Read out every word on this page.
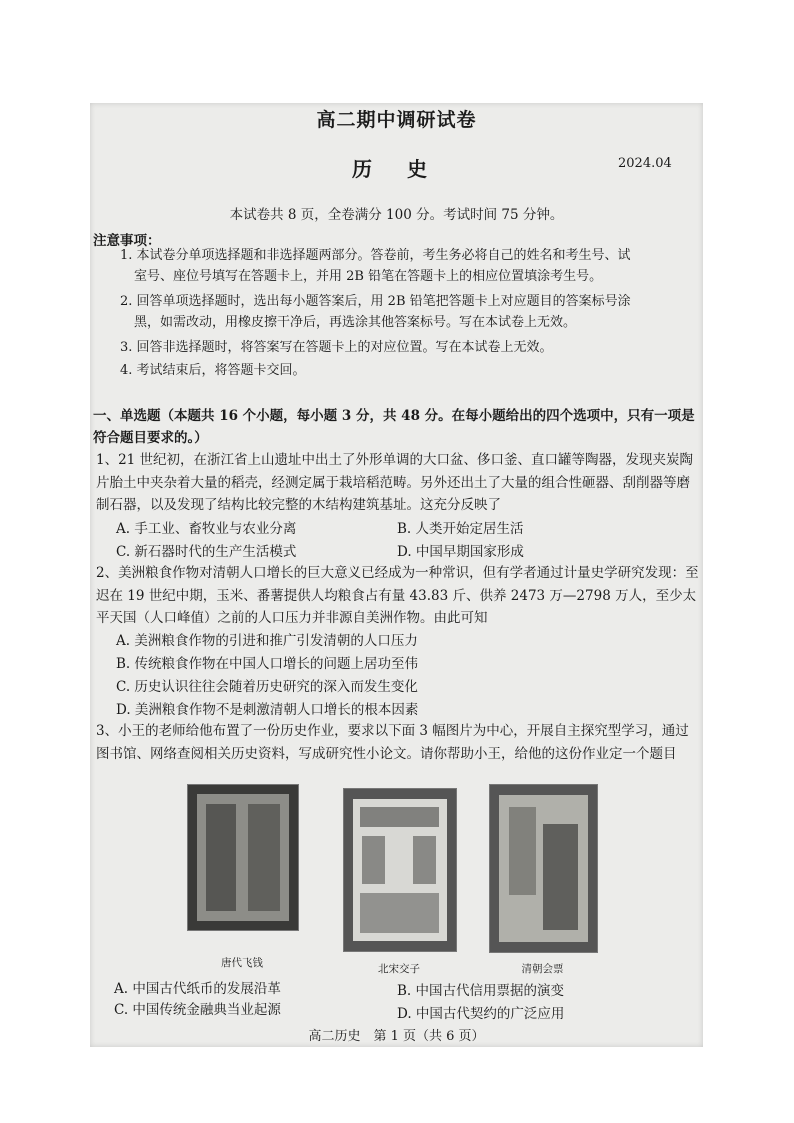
高二期中调研试卷
历 史	2024.04
本试卷共 8 页，全卷满分 100 分。考试时间 75 分钟。
注意事项：
1. 本试卷分单项选择题和非选择题两部分。答卷前，考生务必将自己的姓名和考生号、试
室号、座位号填写在答题卡上，并用 2B 铅笔在答题卡上的相应位置填涂考生号。
2. 回答单项选择题时，选出每小题答案后，用 2B 铅笔把答题卡上对应题目的答案标号涂
黑，如需改动，用橡皮擦干净后，再选涂其他答案标号。写在本试卷上无效。
3. 回答非选择题时，将答案写在答题卡上的对应位置。写在本试卷上无效。
4. 考试结束后，将答题卡交回。
一、单选题（本题共 16 个小题，每小题 3 分，共 48 分。在每小题给出的四个选项中，只有一项是符合题目要求的。）
1、21 世纪初，在浙江省上山遗址中出土了外形单调的大口盆、侈口釜、直口罐等陶器，发现夹炭陶片胎土中夹杂着大量的稻壳，经测定属于栽培稻范畴。另外还出土了大量的组合性砸器、刮削器等磨制石器，以及发现了结构比较完整的木结构建筑基址。这充分反映了
A. 手工业、畜牧业与农业分离	B. 人类开始定居生活
C. 新石器时代的生产生活模式	D. 中国早期国家形成
2、美洲粮食作物对清朝人口增长的巨大意义已经成为一种常识，但有学者通过计量史学研究发现：至迟在 19 世纪中期，玉米、番薯提供人均粮食占有量 43.83 斤、供养 2473 万—2798 万人，至少太平天国（人口峰值）之前的人口压力并非源自美洲作物。由此可知
A. 美洲粮食作物的引进和推广引发清朝的人口压力
B. 传统粮食作物在中国人口增长的问题上居功至伟
C. 历史认识往往会随着历史研究的深入而发生变化
D. 美洲粮食作物不是刺激清朝人口增长的根本因素
3、小王的老师给他布置了一份历史作业，要求以下面 3 幅图片为中心，开展自主探究型学习，通过图书馆、网络查阅相关历史资料，写成研究性小论文。请你帮助小王，给他的这份作业定一个题目
唐代飞钱	北宋交子	清朝会票
A. 中国古代纸币的发展沿革	B. 中国古代信用票据的演变
C. 中国传统金融典当业起源	D. 中国古代契约的广泛应用
高二历史　第 1 页（共 6 页）
